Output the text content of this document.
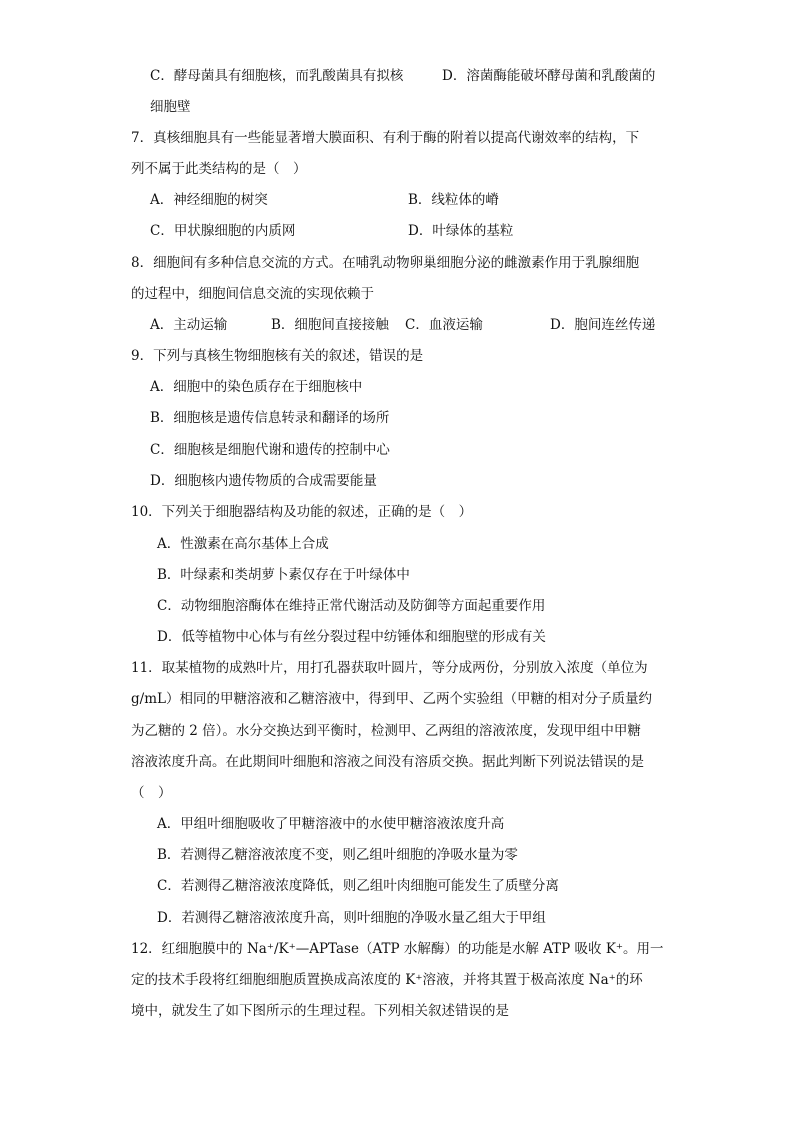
C．酵母菌具有细胞核，而乳酸菌具有拟核	D．溶菌酶能破坏酵母菌和乳酸菌的
细胞壁
7．真核细胞具有一些能显著增大膜面积、有利于酶的附着以提高代谢效率的结构，下
列不属于此类结构的是（　）
A．神经细胞的树突	B．线粒体的嵴
C．甲状腺细胞的内质网	D．叶绿体的基粒
8．细胞间有多种信息交流的方式。在哺乳动物卵巢细胞分泌的雌激素作用于乳腺细胞
的过程中，细胞间信息交流的实现依赖于
A．主动运输	B．细胞间直接接触 C．血液运输	D．胞间连丝传递
9．下列与真核生物细胞核有关的叙述，错误的是
A．细胞中的染色质存在于细胞核中
B．细胞核是遗传信息转录和翻译的场所
C．细胞核是细胞代谢和遗传的控制中心
D．细胞核内遗传物质的合成需要能量
10．下列关于细胞器结构及功能的叙述，正确的是（　）
A．性激素在高尔基体上合成
B．叶绿素和类胡萝卜素仅存在于叶绿体中
C．动物细胞溶酶体在维持正常代谢活动及防御等方面起重要作用
D．低等植物中心体与有丝分裂过程中纺锤体和细胞壁的形成有关
11．取某植物的成熟叶片，用打孔器获取叶圆片，等分成两份，分别放入浓度（单位为
g/mL）相同的甲糖溶液和乙糖溶液中，得到甲、乙两个实验组（甲糖的相对分子质量约
为乙糖的 2 倍）。水分交换达到平衡时，检测甲、乙两组的溶液浓度，发现甲组中甲糖
溶液浓度升高。在此期间叶细胞和溶液之间没有溶质交换。据此判断下列说法错误的是
（　）
A．甲组叶细胞吸收了甲糖溶液中的水使甲糖溶液浓度升高
B．若测得乙糖溶液浓度不变，则乙组叶细胞的净吸水量为零
C．若测得乙糖溶液浓度降低，则乙组叶肉细胞可能发生了质壁分离
D．若测得乙糖溶液浓度升高，则叶细胞的净吸水量乙组大于甲组
12．红细胞膜中的 Na⁺/K⁺—APTase（ATP 水解酶）的功能是水解 ATP 吸收 K⁺。用一
定的技术手段将红细胞细胞质置换成高浓度的 K⁺溶液，并将其置于极高浓度 Na⁺的环
境中，就发生了如下图所示的生理过程。下列相关叙述错误的是
